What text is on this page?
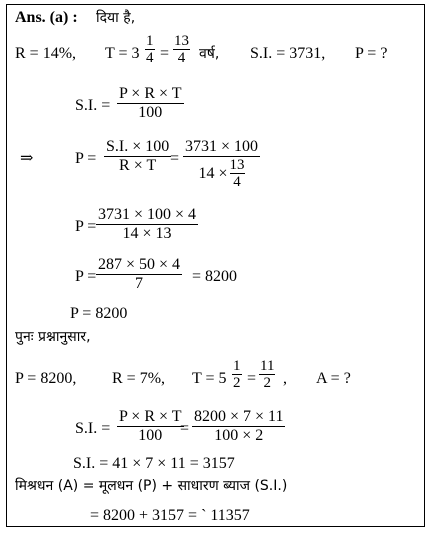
Ans. (a) : दिया है,
R = 14%, T = 3
1
4 =
13
4 वर्ष, S.I. = 3731, P = ?
S.I. =
P × R × T
100
⇒	P =
S.I. × 100
R × T =
3731 × 100
14 × 13
4
P =
3731 × 100 × 4
14 × 13
P =
287 × 50 × 4
7	= 8200
P = 8200
पुनः प्रश्नानुसार,
P = 8200, R = 7%, T = 5
1
2 =
11
2 , A = ?
S.I. =
P × R × T
100 =
8200 × 7 × 11
100 × 2
S.I. = 41 × 7 × 11 = 3157
मिश्रधन (A) = मूलधन (P) + साधारण ब्याज (S.I.)
= 8200 + 3157 = ` 11357
